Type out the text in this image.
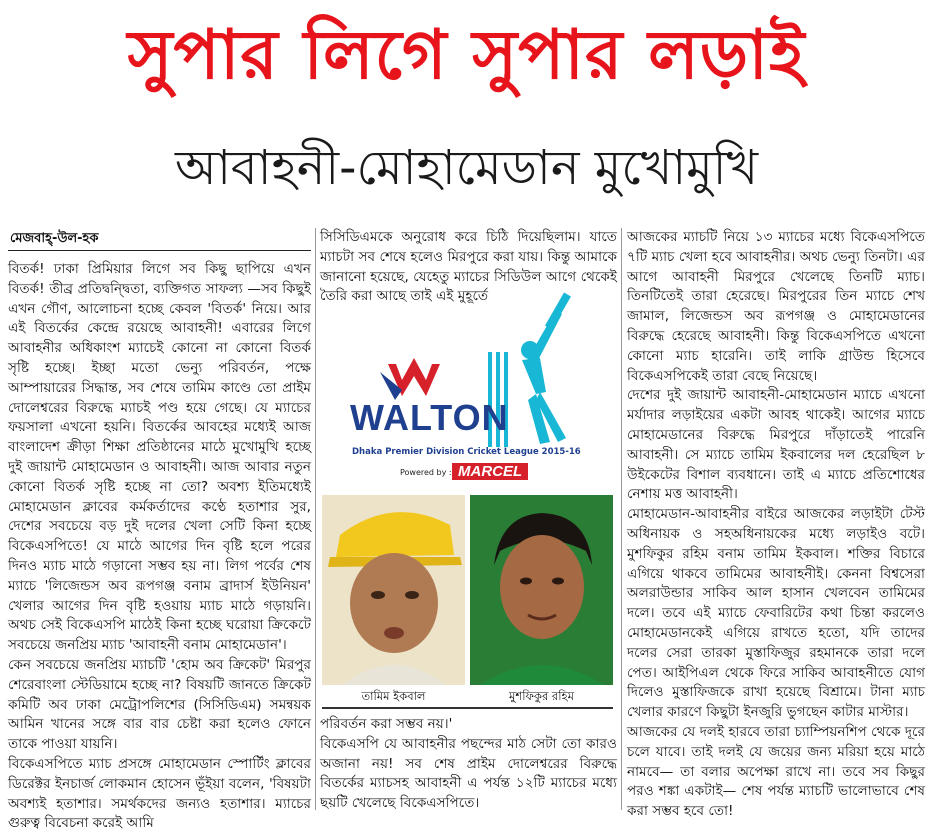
সুপার লিগে সুপার লড়াই
আবাহনী-মোহামেডান মুখোমুখি
মেজবাহ্-উল-হক

বিতর্ক! ঢাকা প্রিমিয়ার লিগে সব কিছু ছাপিয়ে এখন বিতর্ক! তীব্র প্রতিদ্বন্দ্বিতা, ব্যক্তিগত সাফল্য —সব কিছুই এখন গৌণ, আলোচনা হচ্ছে কেবল 'বিতর্ক' নিয়ে। আর এই বিতর্কের কেন্দ্রে রয়েছে আবাহনী! এবারের লিগে আবাহনীর অধিকাংশ ম্যাচেই কোনো না কোনো বিতর্ক সৃষ্টি হচ্ছে। ইচ্ছা মতো ভেন্যু পরিবর্তন, পক্ষে আম্পায়ারের সিদ্ধান্ত, সব শেষে তামিম কাণ্ডে তো প্রাইম দোলেশ্বরের বিরুদ্ধে ম্যাচই পণ্ড হয়ে গেছে। যে ম্যাচের ফয়সালা এখনো হয়নি। বিতর্কের আবহের মধ্যেই আজ বাংলাদেশ ক্রীড়া শিক্ষা প্রতিষ্ঠানের মাঠে মুখোমুখি হচ্ছে দুই জায়ান্ট মোহামেডান ও আবাহনী। আজ আবার নতুন কোনো বিতর্ক সৃষ্টি হচ্ছে না তো? অবশ্য ইতিমধ্যেই মোহামেডান ক্লাবের কর্মকর্তাদের কণ্ঠে হতাশার সুর, দেশের সবচেয়ে বড় দুই দলের খেলা সেটি কিনা হচ্ছে বিকেএসপিতে! যে মাঠে আগের দিন বৃষ্টি হলে পরের দিনও ম্যাচ মাঠে গড়ানো সম্ভব হয় না। লিগ পর্বের শেষ ম্যাচে 'লিজেন্ডস অব রূপগঞ্জ বনাম ব্রাদার্স ইউনিয়ন' খেলার আগের দিন বৃষ্টি হওয়ায় ম্যাচ মাঠে গড়ায়নি। অথচ সেই বিকেএসপি মাঠেই কিনা হচ্ছে ঘরোয়া ক্রিকেটে সবচেয়ে জনপ্রিয় ম্যাচ 'আবাহনী বনাম মোহামেডান'।

কেন সবচেয়ে জনপ্রিয় ম্যাচটি 'হোম অব ক্রিকেট' মিরপুর শেরেবাংলা স্টেডিয়ামে হচ্ছে না? বিষয়টি জানতে ক্রিকেট কমিটি অব ঢাকা মেট্রোপলিশের (সিসিডিএম) সমন্বয়ক আমিন খানের সঙ্গে বার বার চেষ্টা করা হলেও ফোনে তাকে পাওয়া যায়নি।

বিকেএসপিতে ম্যাচ প্রসঙ্গে মোহামেডান স্পোর্টিং ক্লাবের ডিরেক্টর ইনচার্জ লোকমান হোসেন ভূঁইয়া বলেন, 'বিষয়টা অবশ্যই হতাশার। সমর্থকদের জন্যও হতাশার। ম্যাচের গুরুত্ব বিবেচনা করেই আমি

সিসিডিএমকে অনুরোধ করে চিঠি দিয়েছিলাম। যাতে ম্যাচটা সব শেষে হলেও মিরপুরে করা যায়। কিন্তু আমাকে জানানো হয়েছে, যেহেতু ম্যাচের সিডিউল আগে থেকেই তৈরি করা আছে তাই এই মুহূর্তে

WALTON
Dhaka Premier Division Cricket League 2015-16
Powered by : MARCEL
তামিম ইকবাল	মুশফিকুর রহিম

পরিবর্তন করা সম্ভব নয়।'

বিকেএসপি যে আবাহনীর পছন্দের মাঠ সেটা তো কারও অজানা নয়! সব শেষ প্রাইম দোলেশ্বরের বিরুদ্ধে বিতর্কের ম্যাচসহ আবাহনী এ পর্যন্ত ১২টি ম্যাচের মধ্যে ছয়টি খেলেছে বিকেএসপিতে।

আজকের ম্যাচটি নিয়ে ১৩ ম্যাচের মধ্যে বিকেএসপিতে ৭টি ম্যাচ খেলা হবে আবাহনীর। অথচ ভেন্যু তিনটা। এর আগে আবাহনী মিরপুরে খেলেছে তিনটি ম্যাচ। তিনটিতেই তারা হেরেছে। মিরপুরের তিন ম্যাচে শেখ জামাল, লিজেন্ডস অব রূপগঞ্জ ও মোহামেডানের বিরুদ্ধে হেরেছে আবাহনী। কিন্তু বিকেএসপিতে এখনো কোনো ম্যাচ হারেনি। তাই লাকি গ্রাউন্ড হিসেবে বিকেএসপিকেই তারা বেছে নিয়েছে।

দেশের দুই জায়ান্ট আবাহনী-মোহামেডান ম্যাচে এখনো মর্যাদার লড়াইয়ের একটা আবহ থাকেই। আগের ম্যাচে মোহামেডানের বিরুদ্ধে মিরপুরে দাঁড়াতেই পারেনি আবাহনী। সে ম্যাচে তামিম ইকবালের দল হেরেছিল ৮ উইকেটের বিশাল ব্যবধানে। তাই এ ম্যাচে প্রতিশোধের নেশায় মত্ত আবাহনী।

মোহামেডান-আবাহনীর বাইরে আজকের লড়াইটা টেস্ট অধিনায়ক ও সহঅধিনায়কের মধ্যে লড়াইও বটে। মুশফিকুর রহিম বনাম তামিম ইকবাল। শক্তির বিচারে এগিয়ে থাকবে তামিমের আবাহনীই। কেননা বিশ্বসেরা অলরাউন্ডার সাকিব আল হাসান খেলবেন তামিমের দলে। তবে এই ম্যাচে ফেবারিটের কথা চিন্তা করলেও মোহামেডানকেই এগিয়ে রাখতে হতো, যদি তাদের দলের সেরা তারকা মুস্তাফিজুর রহমানকে তারা দলে পেত। আইপিএল থেকে ফিরে সাকিব আবাহনীতে যোগ দিলেও মুস্তাফিজকে রাখা হয়েছে বিশ্রামে। টানা ম্যাচ খেলার কারণে কিছুটা ইনজুরি ভুগছেন কাটার মাস্টার।

আজকের যে দলই হারবে তারা চ্যাম্পিয়নশিপ থেকে দূরে চলে যাবে। তাই দলই যে জয়ের জন্য মরিয়া হয়ে মাঠে নামবে— তা বলার অপেক্ষা রাখে না। তবে সব কিছুর পরও শঙ্কা একটাই— শেষ পর্যন্ত ম্যাচটি ভালোভাবে শেষ করা সম্ভব হবে তো!
